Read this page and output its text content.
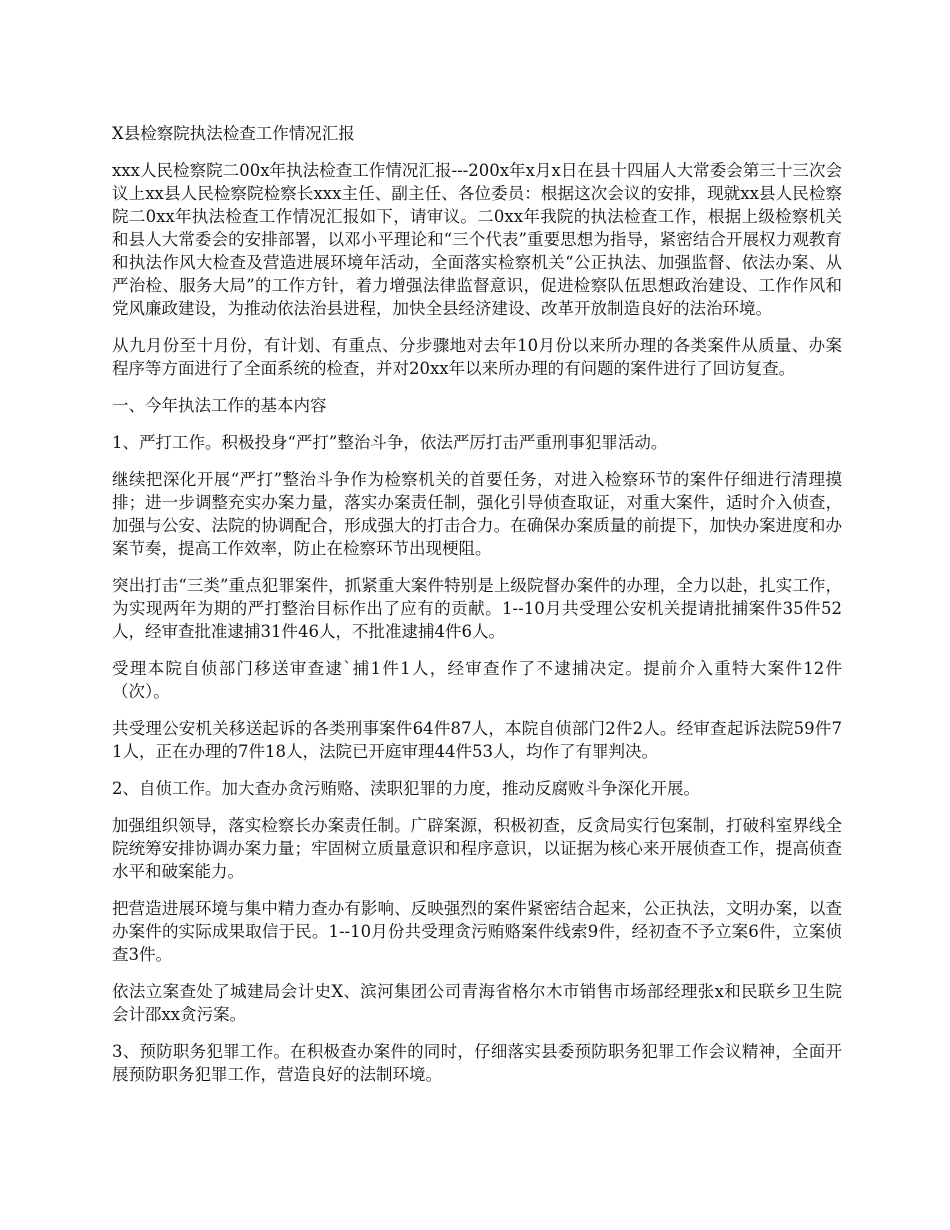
X县检察院执法检查工作情况汇报

xxx人民检察院二00x年执法检查工作情况汇报---200x年x月x日在县十四届人大常委会第三十三次会议上xx县人民检察院检察长xxx主任、副主任、各位委员：根据这次会议的安排，现就xx县人民检察院二0xx年执法检查工作情况汇报如下，请审议。二0xx年我院的执法检查工作，根据上级检察机关和县人大常委会的安排部署，以邓小平理论和“三个代表”重要思想为指导，紧密结合开展权力观教育和执法作风大检查及营造进展环境年活动，全面落实检察机关“公正执法、加强监督、依法办案、从严治检、服务大局”的工作方针，着力增强法律监督意识，促进检察队伍思想政治建设、工作作风和党风廉政建设，为推动依法治县进程，加快全县经济建设、改革开放制造良好的法治环境。

从九月份至十月份，有计划、有重点、分步骤地对去年10月份以来所办理的各类案件从质量、办案程序等方面进行了全面系统的检查，并对20xx年以来所办理的有问题的案件进行了回访复查。

一、今年执法工作的基本内容

1、严打工作。积极投身“严打”整治斗争，依法严厉打击严重刑事犯罪活动。

继续把深化开展“严打”整治斗争作为检察机关的首要任务，对进入检察环节的案件仔细进行清理摸排；进一步调整充实办案力量，落实办案责任制，强化引导侦查取证，对重大案件，适时介入侦查，加强与公安、法院的协调配合，形成强大的打击合力。在确保办案质量的前提下，加快办案进度和办案节奏，提高工作效率，防止在检察环节出现梗阻。

突出打击“三类”重点犯罪案件，抓紧重大案件特别是上级院督办案件的办理，全力以赴，扎实工作，为实现两年为期的严打整治目标作出了应有的贡献。1--10月共受理公安机关提请批捕案件35件52人，经审查批准逮捕31件46人，不批准逮捕4件6人。

受理本院自侦部门移送审查逮`捕1件1人，经审查作了不逮捕决定。提前介入重特大案件12件（次）。

共受理公安机关移送起诉的各类刑事案件64件87人，本院自侦部门2件2人。经审查起诉法院59件71人，正在办理的7件18人，法院已开庭审理44件53人，均作了有罪判决。

2、自侦工作。加大查办贪污贿赂、渎职犯罪的力度，推动反腐败斗争深化开展。

加强组织领导，落实检察长办案责任制。广辟案源，积极初查，反贪局实行包案制，打破科室界线全院统筹安排协调办案力量；牢固树立质量意识和程序意识，以证据为核心来开展侦查工作，提高侦查水平和破案能力。

把营造进展环境与集中精力查办有影响、反映强烈的案件紧密结合起来，公正执法，文明办案，以查办案件的实际成果取信于民。1--10月份共受理贪污贿赂案件线索9件，经初查不予立案6件，立案侦查3件。

依法立案查处了城建局会计史X、滨河集团公司青海省格尔木市销售市场部经理张x和民联乡卫生院会计邵xx贪污案。

3、预防职务犯罪工作。在积极查办案件的同时，仔细落实县委预防职务犯罪工作会议精神，全面开展预防职务犯罪工作，营造良好的法制环境。
